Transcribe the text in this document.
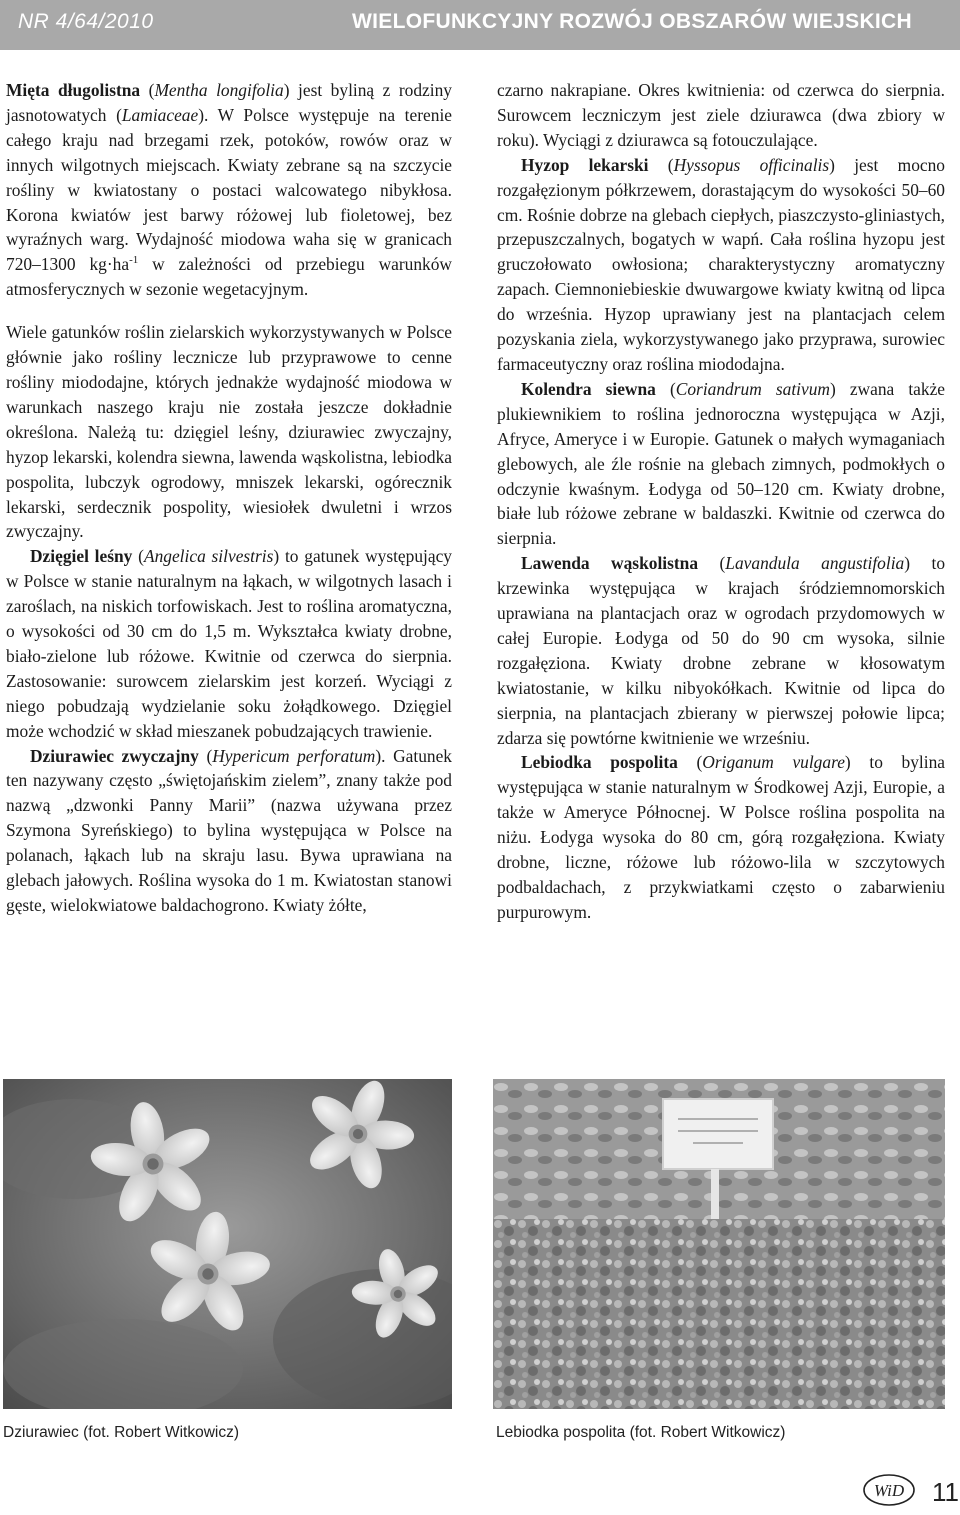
NR 4/64/2010	WIELOFUNKCYJNY ROZWÓJ OBSZARÓW WIEJSKICH

Mięta długolistna (Mentha longifolia) jest byliną z rodziny jasnotowatych (Lamiaceae). W Polsce występuje na terenie całego kraju nad brzegami rzek, potoków, rowów oraz w innych wilgotnych miejscach. Kwiaty zebrane są na szczycie rośliny w kwiatostany o postaci walcowatego nibykłosa. Korona kwiatów jest barwy różowej lub fioletowej, bez wyraźnych warg. Wydajność miodowa waha się w granicach 720–1300 $kg\cdot ha^{-1}$ w zależności od przebiegu warunków atmosferycznych w sezonie wegetacyjnym.

Wiele gatunków roślin zielarskich wykorzystywanych w Polsce głównie jako rośliny lecznicze lub przyprawowe to cenne rośliny miododajne, których jednakże wydajność miodowa w warunkach naszego kraju nie została jeszcze dokładnie określona. Należą tu: dzięgiel leśny, dziurawiec zwyczajny, hyzop lekarski, kolendra siewna, lawenda wąskolistna, lebiodka pospolita, lubczyk ogrodowy, mniszek lekarski, ogórecznik lekarski, serdecznik pospolity, wiesiołek dwuletni i wrzos zwyczajny.

Dzięgiel leśny (Angelica silvestris) to gatunek występujący w Polsce w stanie naturalnym na łąkach, w wilgotnych lasach i zaroślach, na niskich torfowiskach. Jest to roślina aromatyczna, o wysokości od 30 cm do 1,5 m. Wykształca kwiaty drobne, biało-zielone lub różowe. Kwitnie od czerwca do sierpnia. Zastosowanie: surowcem zielarskim jest korzeń. Wyciągi z niego pobudzają wydzielanie soku żołądkowego. Dzięgiel może wchodzić w skład mieszanek pobudzających trawienie.

Dziurawiec zwyczajny (Hypericum perforatum). Gatunek ten nazywany często „świętojańskim zielem”, znany także pod nazwą „dzwonki Panny Marii” (nazwa używana przez Szymona Syreńskiego) to bylina występująca w Polsce na polanach, łąkach lub na skraju lasu. Bywa uprawiana na glebach jałowych. Roślina wysoka do 1 m. Kwiatostan stanowi gęste, wielokwiatowe baldachogrono. Kwiaty żółte,

czarno nakrapiane. Okres kwitnienia: od czerwca do sierpnia. Surowcem leczniczym jest ziele dziurawca (dwa zbiory w roku). Wyciągi z dziurawca są fotouczulające.

Hyzop lekarski (Hyssopus officinalis) jest mocno rozgałęzionym półkrzewem, dorastającym do wysokości 50–60 cm. Rośnie dobrze na glebach ciepłych, piaszczysto-gliniastych, przepuszczalnych, bogatych w wapń. Cała roślina hyzopu jest gruczołowato owłosiona; charakterystyczny aromatyczny zapach. Ciemnoniebieskie dwuwargowe kwiaty kwitną od lipca do września. Hyzop uprawiany jest na plantacjach celem pozyskania ziela, wykorzystywanego jako przyprawa, surowiec farmaceutyczny oraz roślina miododajna.

Kolendra siewna (Coriandrum sativum) zwana także plukiewnikiem to roślina jednoroczna występująca w Azji, Afryce, Ameryce i w Europie. Gatunek o małych wymaganiach glebowych, ale źle rośnie na glebach zimnych, podmokłych o odczynie kwaśnym. Łodyga od 50–120 cm. Kwiaty drobne, białe lub różowe zebrane w baldaszki. Kwitnie od czerwca do sierpnia.

Lawenda wąskolistna (Lavandula angustifolia) to krzewinka występująca w krajach śródziemnomorskich uprawiana na plantacjach oraz w ogrodach przydomowych w całej Europie. Łodyga od 50 do 90 cm wysoka, silnie rozgałęziona. Kwiaty drobne zebrane w kłosowatym kwiatostanie, w kilku nibyokółkach. Kwitnie od lipca do sierpnia, na plantacjach zbierany w pierwszej połowie lipca; zdarza się powtórne kwitnienie we wrześniu.

Lebiodka pospolita (Origanum vulgare) to bylina występująca w stanie naturalnym w Środkowej Azji, Europie, a także w Ameryce Północnej. W Polsce roślina pospolita na niżu. Łodyga wysoka do 80 cm, górą rozgałęziona. Kwiaty drobne, liczne, różowe lub różowo-lila w szczytowych podbaldachach, z przykwiatkami często o zabarwieniu purpurowym.

Dziurawiec (fot. Robert Witkowicz)	Lebiodka pospolita (fot. Robert Witkowicz)
WiD 11
